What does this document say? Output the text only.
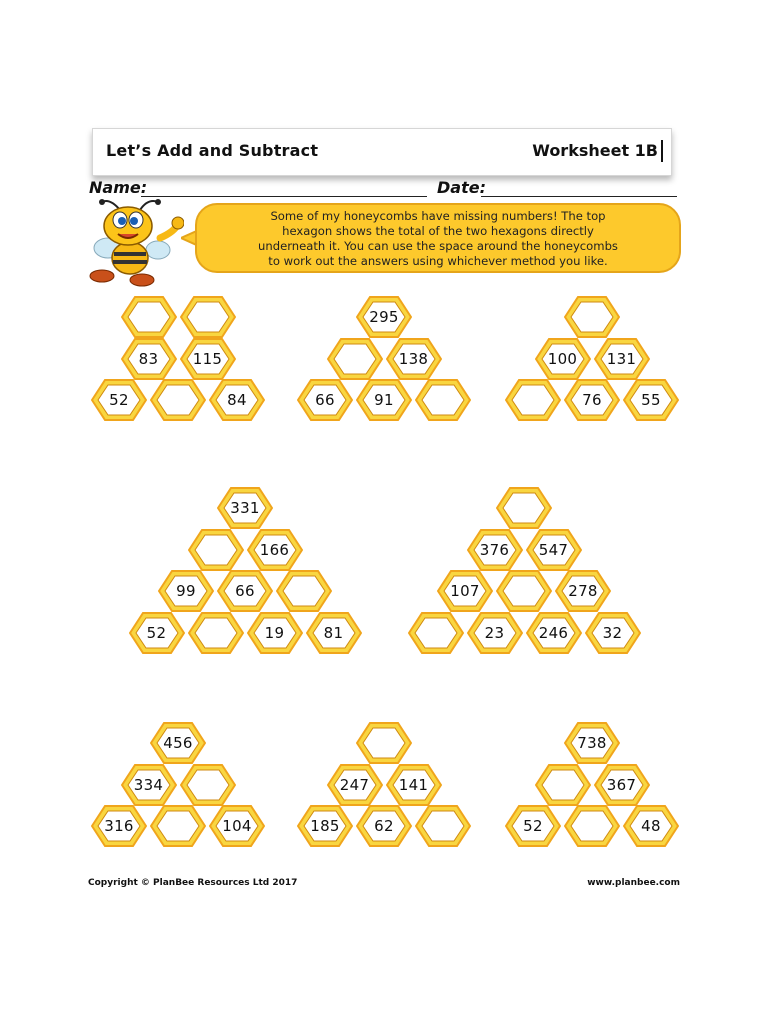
Let’s Add and Subtract	Worksheet 1B
Name:	Date:
Some of my honeycombs have missing numbers! The top
hexagon shows the total of the two hexagons directly
underneath it. You can use the space around the honeycombs
to work out the answers using whichever method you like.
83	115
52	84
295
138
66	91
100	131
76	55
331
166
99	66
52	19	81
376	547
107	278
23	246	32
456
334
316	104
247	141
185	62
738
367
52	48
Copyright © PlanBee Resources Ltd 2017	www.planbee.com
